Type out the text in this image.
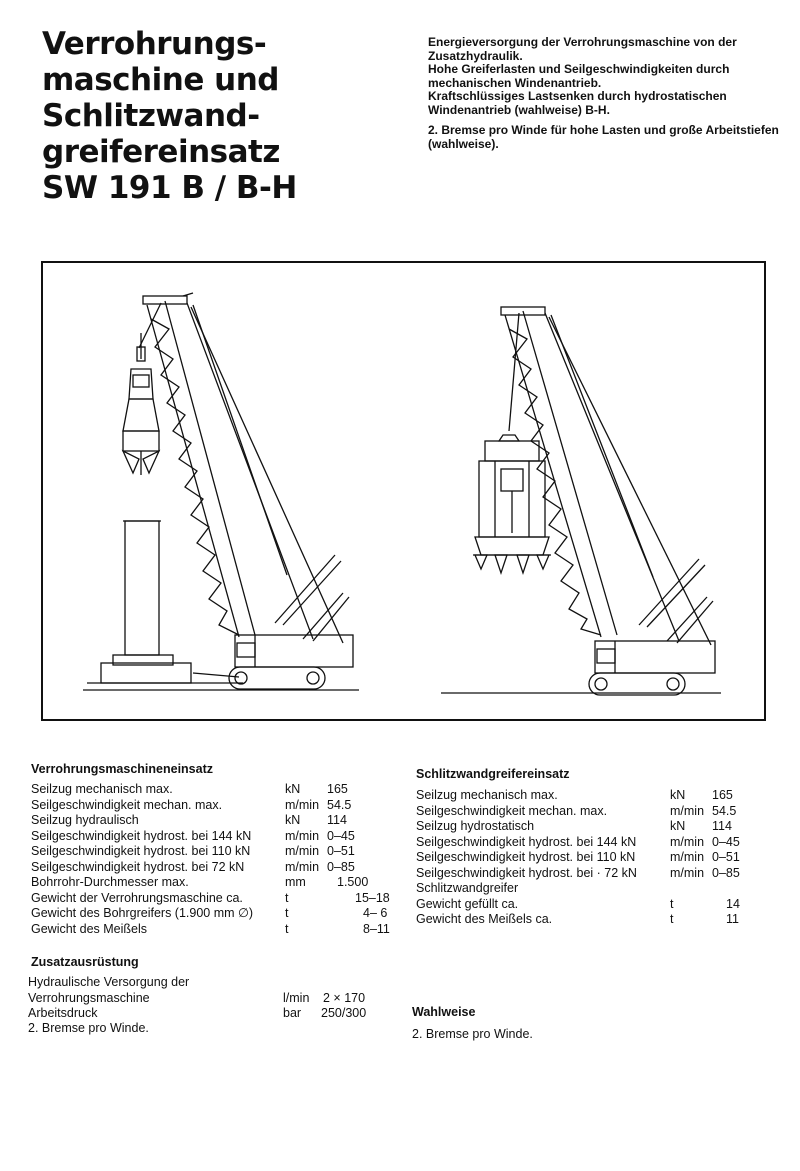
Verrohrungs-
maschine und
Schlitzwand-
greifereinsatz
SW 191 B / B-H

Energieversorgung der Verrohrungsmaschine von der Zusatzhydraulik.

Hohe Greiferlasten und Seilgeschwindigkeiten durch mechanischen Windenantrieb.

Kraftschlüssiges Lastsenken durch hydrostatischen Windenantrieb (wahlweise) B-H.

2. Bremse pro Winde für hohe Lasten und große Arbeitstiefen (wahlweise).

Verrohrungsmaschineneinsatz
Seilzug mechanisch max.	kN	165
Seilgeschwindigkeit mechan. max.	m/min	54.5
Seilzug hydraulisch	kN	114
Seilgeschwindigkeit hydrost. bei 144 kN	m/min	0–45
Seilgeschwindigkeit hydrost. bei 110 kN	m/min	0–51
Seilgeschwindigkeit hydrost. bei 72 kN	m/min	0–85
Bohrrohr-Durchmesser max.	mm	1.500
Gewicht der Verrohrungsmaschine ca.	t	15–18
Gewicht des Bohrgreifers (1.900 mm ∅)	t	4– 6
Gewicht des Meißels	t	8–11
Zusatzausrüstung
Hydraulische Versorgung der
Verrohrungsmaschine	l/min 2 × 170
Arbeitsdruck	bar 250/300
2. Bremse pro Winde.
Schlitzwandgreifereinsatz
Seilzug mechanisch max.	kN	165
Seilgeschwindigkeit mechan. max.	m/min	54.5
Seilzug hydrostatisch	kN	114
Seilgeschwindigkeit hydrost. bei 144 kN	m/min	0–45
Seilgeschwindigkeit hydrost. bei 110 kN	m/min	0–51
Seilgeschwindigkeit hydrost. bei · 72 kN	m/min	0–85
Schlitzwandgreifer		
Gewicht gefüllt ca.	t	14
Gewicht des Meißels ca.	t	11
Wahlweise
2. Bremse pro Winde.
